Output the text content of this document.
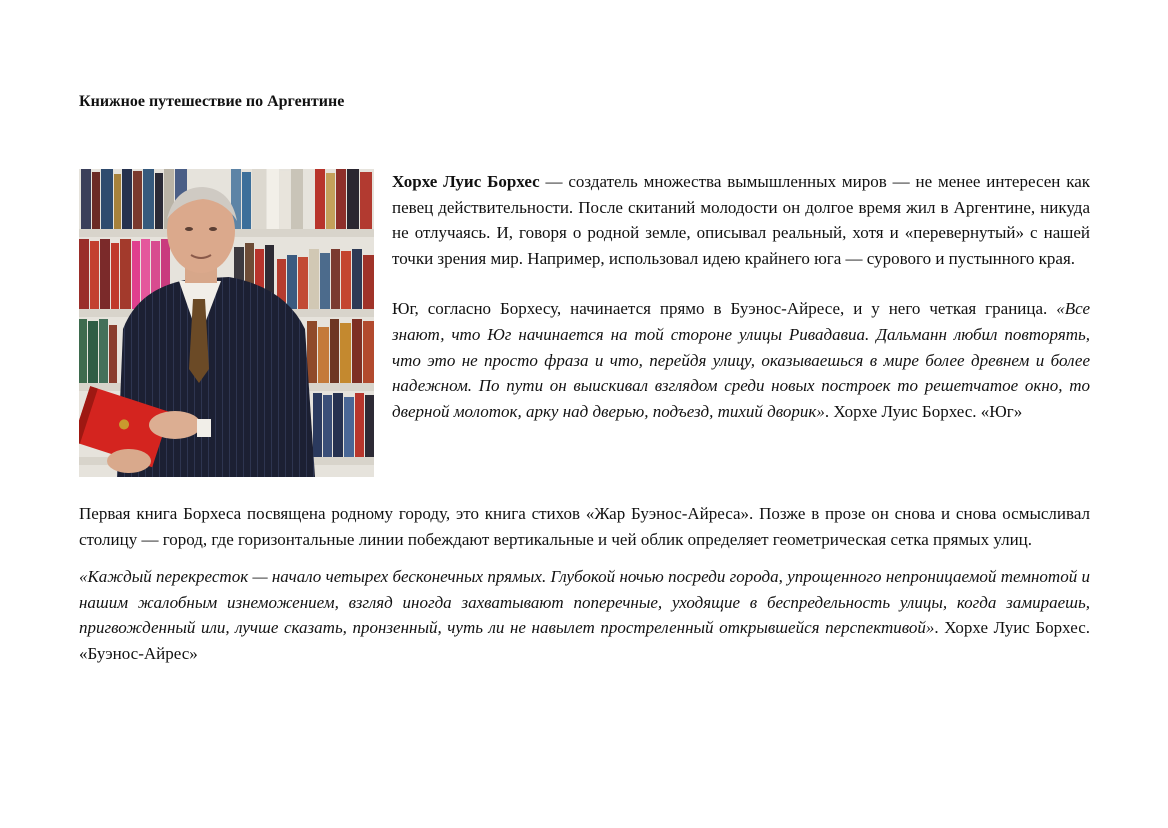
Книжное путешествие по Аргентине

Хорхе Луис Борхес — создатель множества вымышленных миров — не менее интересен как певец действительности. После скитаний молодости он долгое время жил в Аргентине, никуда не отлучаясь. И, говоря о родной земле, описывал реальный, хотя и «перевернутый» с нашей точки зрения мир. Например, использовал идею крайнего юга — сурового и пустынного края.

Юг, согласно Борхесу, начинается прямо в Буэнос-Айресе, и у него четкая граница. «Все знают, что Юг начинается на той стороне улицы Ривадавиа. Дальманн любил повторять, что это не просто фраза и что, перейдя улицу, оказываешься в мире более древнем и более надежном. По пути он выискивал взглядом среди новых построек то решетчатое окно, то дверной молоток, арку над дверью, подъезд, тихий дворик». Хорхе Луис Борхес. «Юг»

Первая книга Борхеса посвящена родному городу, это книга стихов «Жар Буэнос-Айреса». Позже в прозе он снова и снова осмысливал столицу — город, где горизонтальные линии побеждают вертикальные и чей облик определяет геометрическая сетка прямых улиц.

«Каждый перекресток — начало четырех бесконечных прямых. Глубокой ночью посреди города, упрощенного непроницаемой темнотой и нашим жалобным изнеможением, взгляд иногда захватывают поперечные, уходящие в беспредельность улицы, когда замираешь, пригвожденный или, лучше сказать, пронзенный, чуть ли не навылет простреленный открывшейся перспективой». Хорхе Луис Борхес. «Буэнос-Айрес»
